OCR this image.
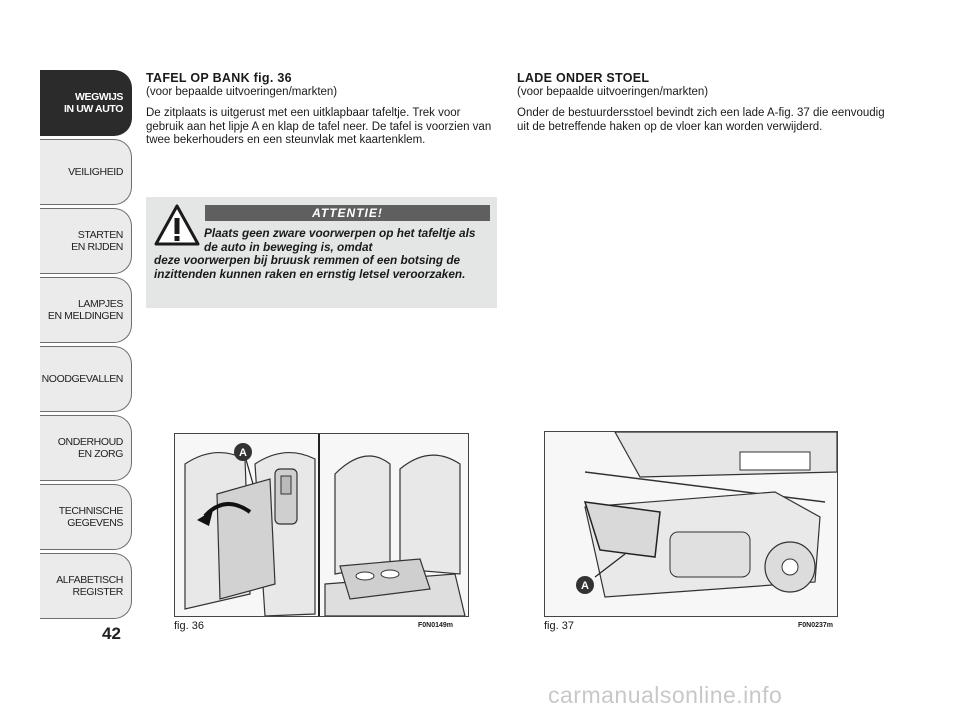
WEGWIJS
IN UW AUTO
VEILIGHEID
STARTEN
EN RIJDEN
LAMPJES
EN MELDINGEN
NOODGEVALLEN
ONDERHOUD
EN ZORG
TECHNISCHE
GEGEVENS
ALFABETISCH
REGISTER
42
TAFEL OP BANK fig. 36

(voor bepaalde uitvoeringen/markten)

De zitplaats is uitgerust met een uitklapbaar tafeltje. Trek voor gebruik aan het lipje A en klap de tafel neer. De tafel is voorzien van twee bekerhouders en een steunvlak met kaartenklem.

ATTENTIE!
Plaats geen zware voorwerpen op het tafeltje als de auto in beweging is, omdat
deze voorwerpen bij bruusk remmen of een botsing de inzittenden kunnen raken en ernstig letsel veroorzaken.
LADE ONDER STOEL

(voor bepaalde uitvoeringen/markten)

Onder de bestuurdersstoel bevindt zich een lade A-fig. 37 die eenvoudig uit de betreffende haken op de vloer kan worden verwijderd.

A
fig. 36	F0N0149m
A
fig. 37	F0N0237m
carmanualsonline.info
